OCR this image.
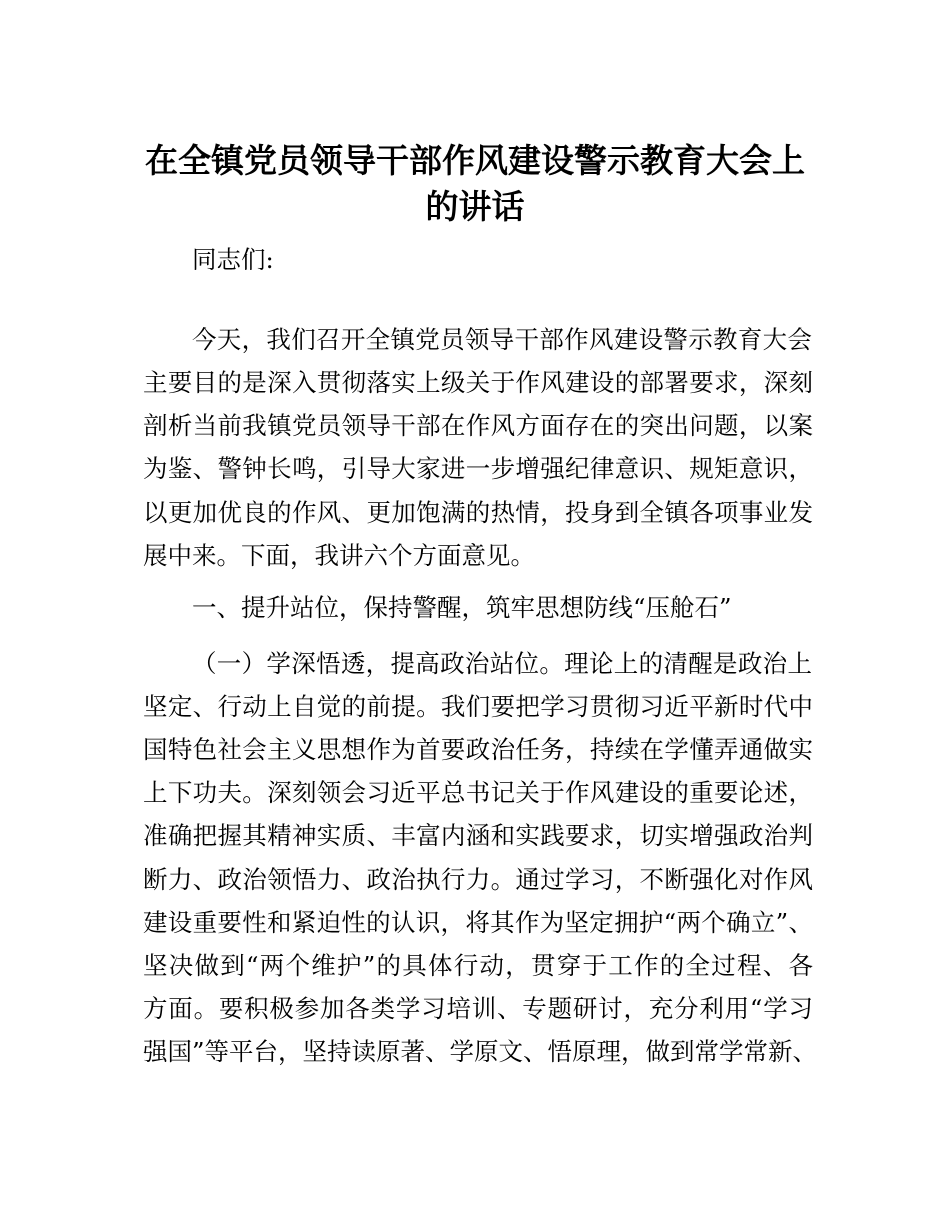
在全镇党员领导干部作风建设警示教育大会上
的讲话
同志们:
今天，我们召开全镇党员领导干部作风建设警示教育大会
主要目的是深入贯彻落实上级关于作风建设的部署要求，深刻
剖析当前我镇党员领导干部在作风方面存在的突出问题，以案
为鉴、警钟长鸣，引导大家进一步增强纪律意识、规矩意识，
以更加优良的作风、更加饱满的热情，投身到全镇各项事业发
展中来。下面，我讲六个方面意见。
一、提升站位，保持警醒，筑牢思想防线“压舱石”
（一）学深悟透，提高政治站位。理论上的清醒是政治上
坚定、行动上自觉的前提。我们要把学习贯彻习近平新时代中
国特色社会主义思想作为首要政治任务，持续在学懂弄通做实
上下功夫。深刻领会习近平总书记关于作风建设的重要论述，
准确把握其精神实质、丰富内涵和实践要求，切实增强政治判
断力、政治领悟力、政治执行力。通过学习，不断强化对作风
建设重要性和紧迫性的认识，将其作为坚定拥护“两个确立”、
坚决做到“两个维护”的具体行动，贯穿于工作的全过程、各
方面。要积极参加各类学习培训、专题研讨，充分利用“学习
强国”等平台，坚持读原著、学原文、悟原理，做到常学常新、
